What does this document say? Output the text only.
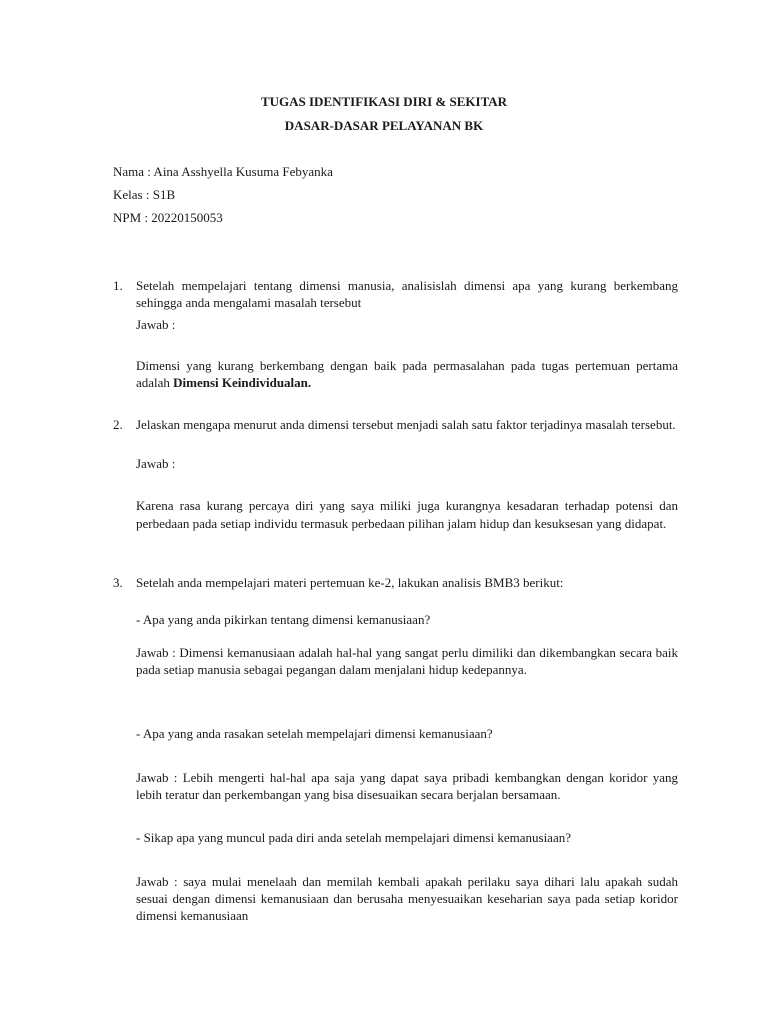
TUGAS IDENTIFIKASI DIRI & SEKITAR
DASAR-DASAR PELAYANAN BK
Nama : Aina Asshyella Kusuma Febyanka
Kelas : S1B
NPM : 20220150053
1. Setelah mempelajari tentang dimensi manusia, analisislah dimensi apa yang kurang berkembang sehingga anda mengalami masalah tersebut
Jawab :
Dimensi yang kurang berkembang dengan baik pada permasalahan pada tugas pertemuan pertama adalah Dimensi Keindividualan.
2. Jelaskan mengapa menurut anda dimensi tersebut menjadi salah satu faktor terjadinya masalah tersebut.
Jawab :
Karena rasa kurang percaya diri yang saya miliki juga kurangnya kesadaran terhadap potensi dan perbedaan pada setiap individu termasuk perbedaan pilihan jalam hidup dan kesuksesan yang didapat.
3. Setelah anda mempelajari materi pertemuan ke-2, lakukan analisis BMB3 berikut:
- Apa yang anda pikirkan tentang dimensi kemanusiaan?
Jawab : Dimensi kemanusiaan adalah hal-hal yang sangat perlu dimiliki dan dikembangkan secara baik pada setiap manusia sebagai pegangan dalam menjalani hidup kedepannya.
- Apa yang anda rasakan setelah mempelajari dimensi kemanusiaan?
Jawab : Lebih mengerti hal-hal apa saja yang dapat saya pribadi kembangkan dengan koridor yang lebih teratur dan perkembangan yang bisa disesuaikan secara berjalan bersamaan.
- Sikap apa yang muncul pada diri anda setelah mempelajari dimensi kemanusiaan?
Jawab : saya mulai menelaah dan memilah kembali apakah perilaku saya dihari lalu apakah sudah sesuai dengan dimensi kemanusiaan dan berusaha menyesuaikan keseharian saya pada setiap koridor dimensi kemanusiaan
